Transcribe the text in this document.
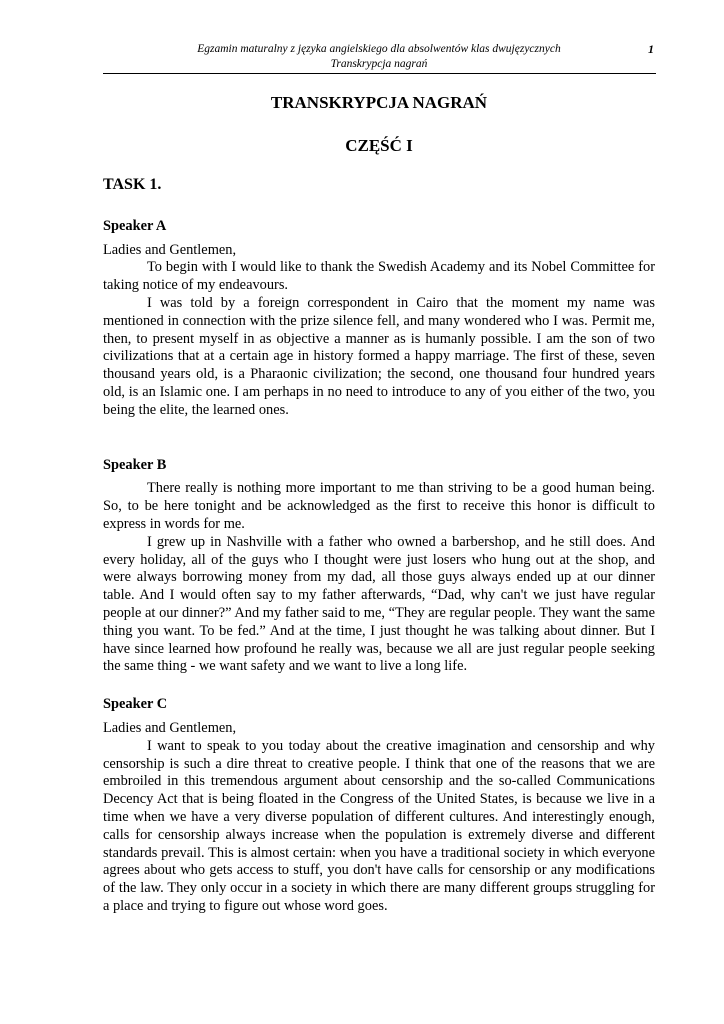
Egzamin maturalny z języka angielskiego dla absolwentów klas dwujęzycznych
Transkrypcja nagrań
1
TRANSKRYPCJA NAGRAŃ
CZĘŚĆ I
TASK 1.
Speaker A

Ladies and Gentlemen,

To begin with I would like to thank the Swedish Academy and its Nobel Committee for taking notice of my endeavours.

I was told by a foreign correspondent in Cairo that the moment my name was mentioned in connection with the prize silence fell, and many wondered who I was. Permit me, then, to present myself in as objective a manner as is humanly possible. I am the son of two civilizations that at a certain age in history formed a happy marriage. The first of these, seven thousand years old, is a Pharaonic civilization; the second, one thousand four hundred years old, is an Islamic one. I am perhaps in no need to introduce to any of you either of the two, you being the elite, the learned ones.

Speaker B

There really is nothing more important to me than striving to be a good human being. So, to be here tonight and be acknowledged as the first to receive this honor is difficult to express in words for me.

I grew up in Nashville with a father who owned a barbershop, and he still does. And every holiday, all of the guys who I thought were just losers who hung out at the shop, and were always borrowing money from my dad, all those guys always ended up at our dinner table. And I would often say to my father afterwards, “Dad, why can't we just have regular people at our dinner?” And my father said to me, “They are regular people. They want the same thing you want. To be fed.” And at the time, I just thought he was talking about dinner. But I have since learned how profound he really was, because we all are just regular people seeking the same thing - we want safety and we want to live a long life.

Speaker C

Ladies and Gentlemen,

I want to speak to you today about the creative imagination and censorship and why censorship is such a dire threat to creative people. I think that one of the reasons that we are embroiled in this tremendous argument about censorship and the so-called Communications Decency Act that is being floated in the Congress of the United States, is because we live in a time when we have a very diverse population of different cultures. And interestingly enough, calls for censorship always increase when the population is extremely diverse and different standards prevail. This is almost certain: when you have a traditional society in which everyone agrees about who gets access to stuff, you don't have calls for censorship or any modifications of the law. They only occur in a society in which there are many different groups struggling for a place and trying to figure out whose word goes.
